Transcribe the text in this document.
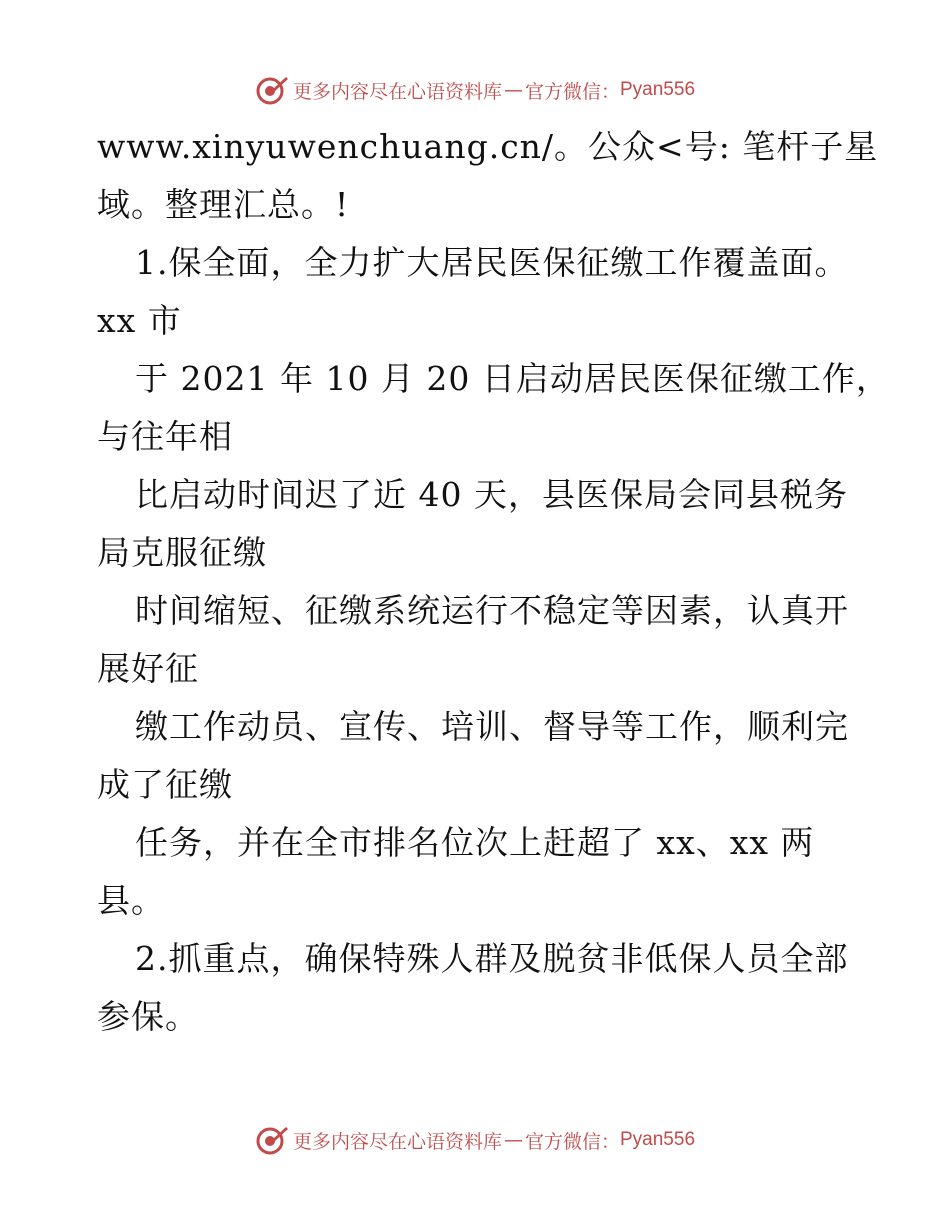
更多内容尽在心语资料库 — 官方微信： Pyan556
www.xinyuwenchuang.cn/。公众<号: 笔杆子星
域。整理汇总。!
1.保全面，全力扩大居民医保征缴工作覆盖面。
xx 市
于 2021 年 10 月 20 日启动居民医保征缴工作，
与往年相
比启动时间迟了近 40 天，县医保局会同县税务
局克服征缴
时间缩短、征缴系统运行不稳定等因素，认真开
展好征
缴工作动员、宣传、培训、督导等工作，顺利完
成了征缴
任务，并在全市排名位次上赶超了 xx、xx 两
县。
2.抓重点，确保特殊人群及脱贫非低保人员全部
参保。
更多内容尽在心语资料库 — 官方微信： Pyan556
